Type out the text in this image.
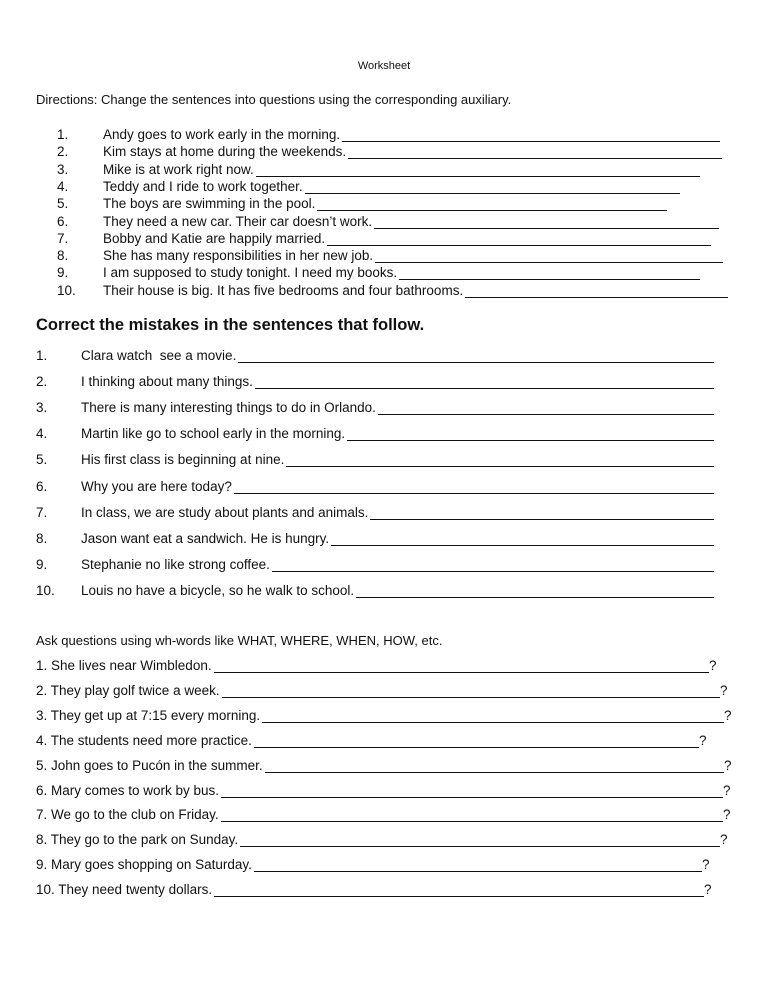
Worksheet
Directions: Change the sentences into questions using the corresponding auxiliary.
1.	Andy goes to work early in the morning.
2.	Kim stays at home during the weekends.
3.	Mike is at work right now.
4.	Teddy and I ride to work together.
5.	The boys are swimming in the pool.
6.	They need a new car. Their car doesn’t work.
7.	Bobby and Katie are happily married.
8.	She has many responsibilities in her new job.
9.	I am supposed to study tonight. I need my books.
10. Their house is big. It has five bedrooms and four bathrooms.
Correct the mistakes in the sentences that follow.
1. Clara watch  see a movie.
2. I thinking about many things.
3. There is many interesting things to do in Orlando.
4. Martin like go to school early in the morning.
5. His first class is beginning at nine.
6. Why you are here today?
7. In class, we are study about plants and animals.
8. Jason want eat a sandwich. He is hungry.
9. Stephanie no like strong coffee.
10. Louis no have a bicycle, so he walk to school.
Ask questions using wh-words like WHAT, WHERE, WHEN, HOW, etc.
1. She lives near Wimbledon.	?
2. They play golf twice a week.	?
3. They get up at 7:15 every morning.	?
4. The students need more practice.	?
5. John goes to Pucón in the summer.	?
6. Mary comes to work by bus.	?
7. We go to the club on Friday.	?
8. They go to the park on Sunday.	?
9. Mary goes shopping on Saturday.	?
10. They need twenty dollars.	?
